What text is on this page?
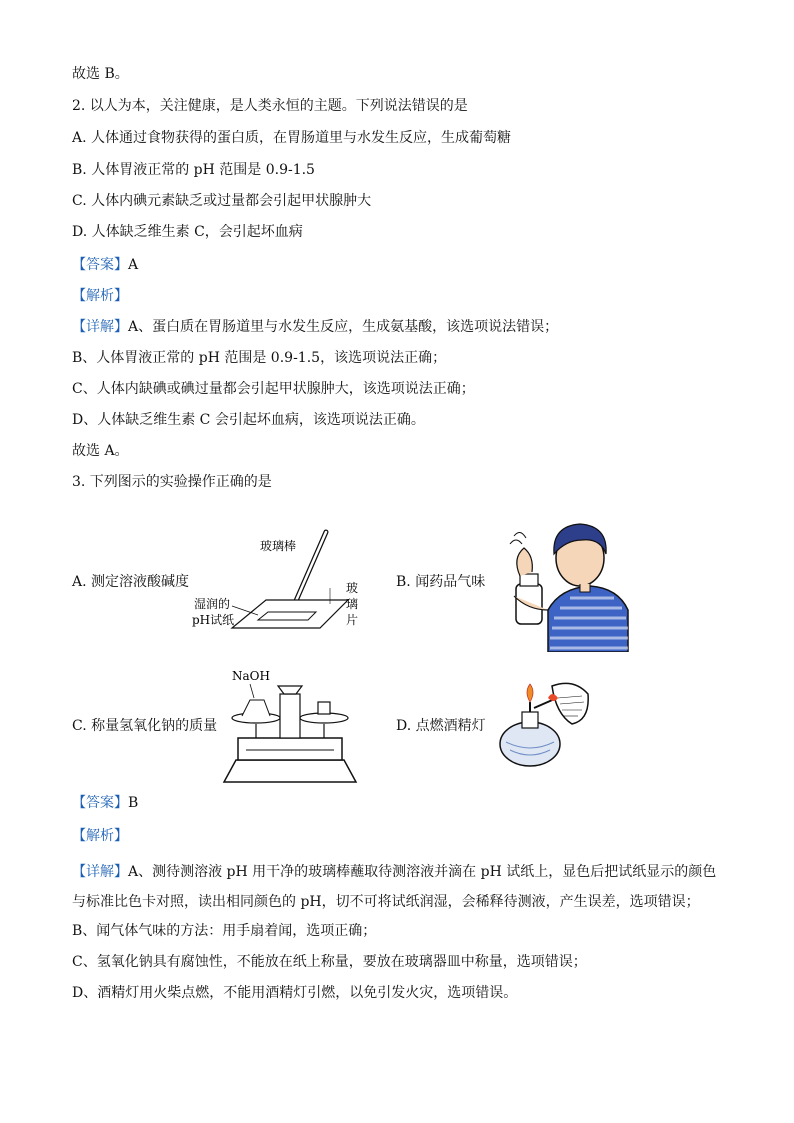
故选 B。
2. 以人为本，关注健康，是人类永恒的主题。下列说法错误的是
A. 人体通过食物获得的蛋白质，在胃肠道里与水发生反应，生成葡萄糖
B. 人体胃液正常的 pH 范围是 0.9-1.5
C. 人体内碘元素缺乏或过量都会引起甲状腺肿大
D. 人体缺乏维生素 C，会引起坏血病
【答案】A
【解析】
【详解】A、蛋白质在胃肠道里与水发生反应，生成氨基酸，该选项说法错误；
B、人体胃液正常的 pH 范围是 0.9-1.5，该选项说法正确；
C、人体内缺碘或碘过量都会引起甲状腺肿大，该选项说法正确；
D、人体缺乏维生素 C 会引起坏血病，该选项说法正确。
故选 A。
3. 下列图示的实验操作正确的是
A. 测定溶液酸碱度
玻璃棒
玻
璃
片
湿润的
pH试纸
B. 闻药品气味
C. 称量氢氧化钠的质量
NaOH
D. 点燃酒精灯
【答案】B
【解析】
【详解】A、测待测溶液 pH 用干净的玻璃棒蘸取待测溶液并滴在 pH 试纸上，显色后把试纸显示的颜色与标准比色卡对照，读出相同颜色的 pH，切不可将试纸润湿，会稀释待测液，产生误差，选项错误；
B、闻气体气味的方法：用手扇着闻，选项正确；
C、氢氧化钠具有腐蚀性，不能放在纸上称量，要放在玻璃器皿中称量，选项错误；
D、酒精灯用火柴点燃，不能用酒精灯引燃，以免引发火灾，选项错误。
